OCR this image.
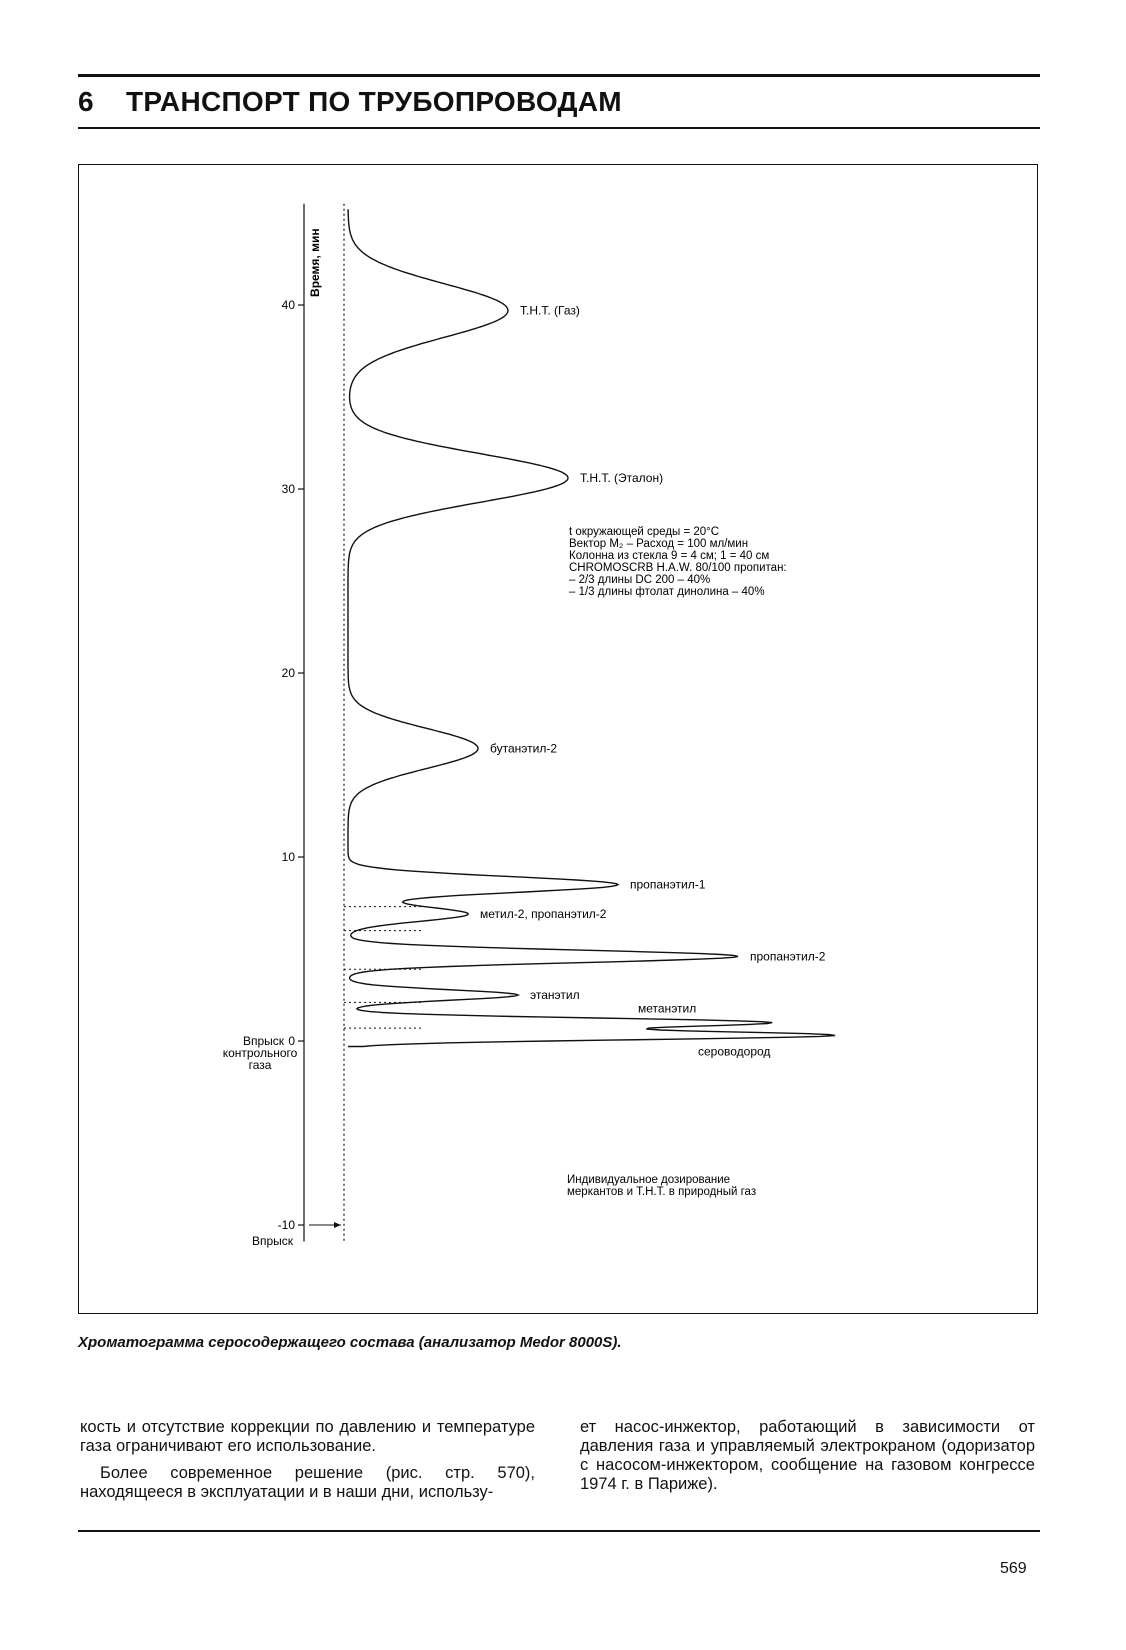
6 ТРАНСПОРТ ПО ТРУБОПРОВОДАМ
40
30
20
10
0
-10
Время, мин
сероводород
метанэтил
этанэтил
пропанэтил-2
метил-2, пропанэтил-2
пропанэтил-1
бутанэтил-2
Т.Н.Т. (Эталон)
Т.Н.Т. (Газ)
Впрыск
контрольного
газа
Впрыск
t окружающей среды = 20°С
Вектор М₂ – Расход = 100 мл/мин
Колонна из стекла 9 = 4 см; 1 = 40 см
CHROMOSCRB H.A.W. 80/100 пропитан:
– 2/3 длины DC 200 – 40%
– 1/3 длины фтолат динолина – 40%
Индивидуальное дозирование
меркантов и Т.Н.Т. в природный газ
Хроматограмма серосодержащего состава (анализатор Medor 8000S).

кость и отсутствие коррекции по давлению и температуре газа ограничивают его использование.

Более современное решение (рис. стр. 570), находящееся в эксплуатации и в наши дни, использу-

ет насос-инжектор, работающий в зависимости от давления газа и управляемый электрокраном (одоризатор с насосом-инжектором, сообщение на газовом конгрессе 1974 г. в Париже).

569
